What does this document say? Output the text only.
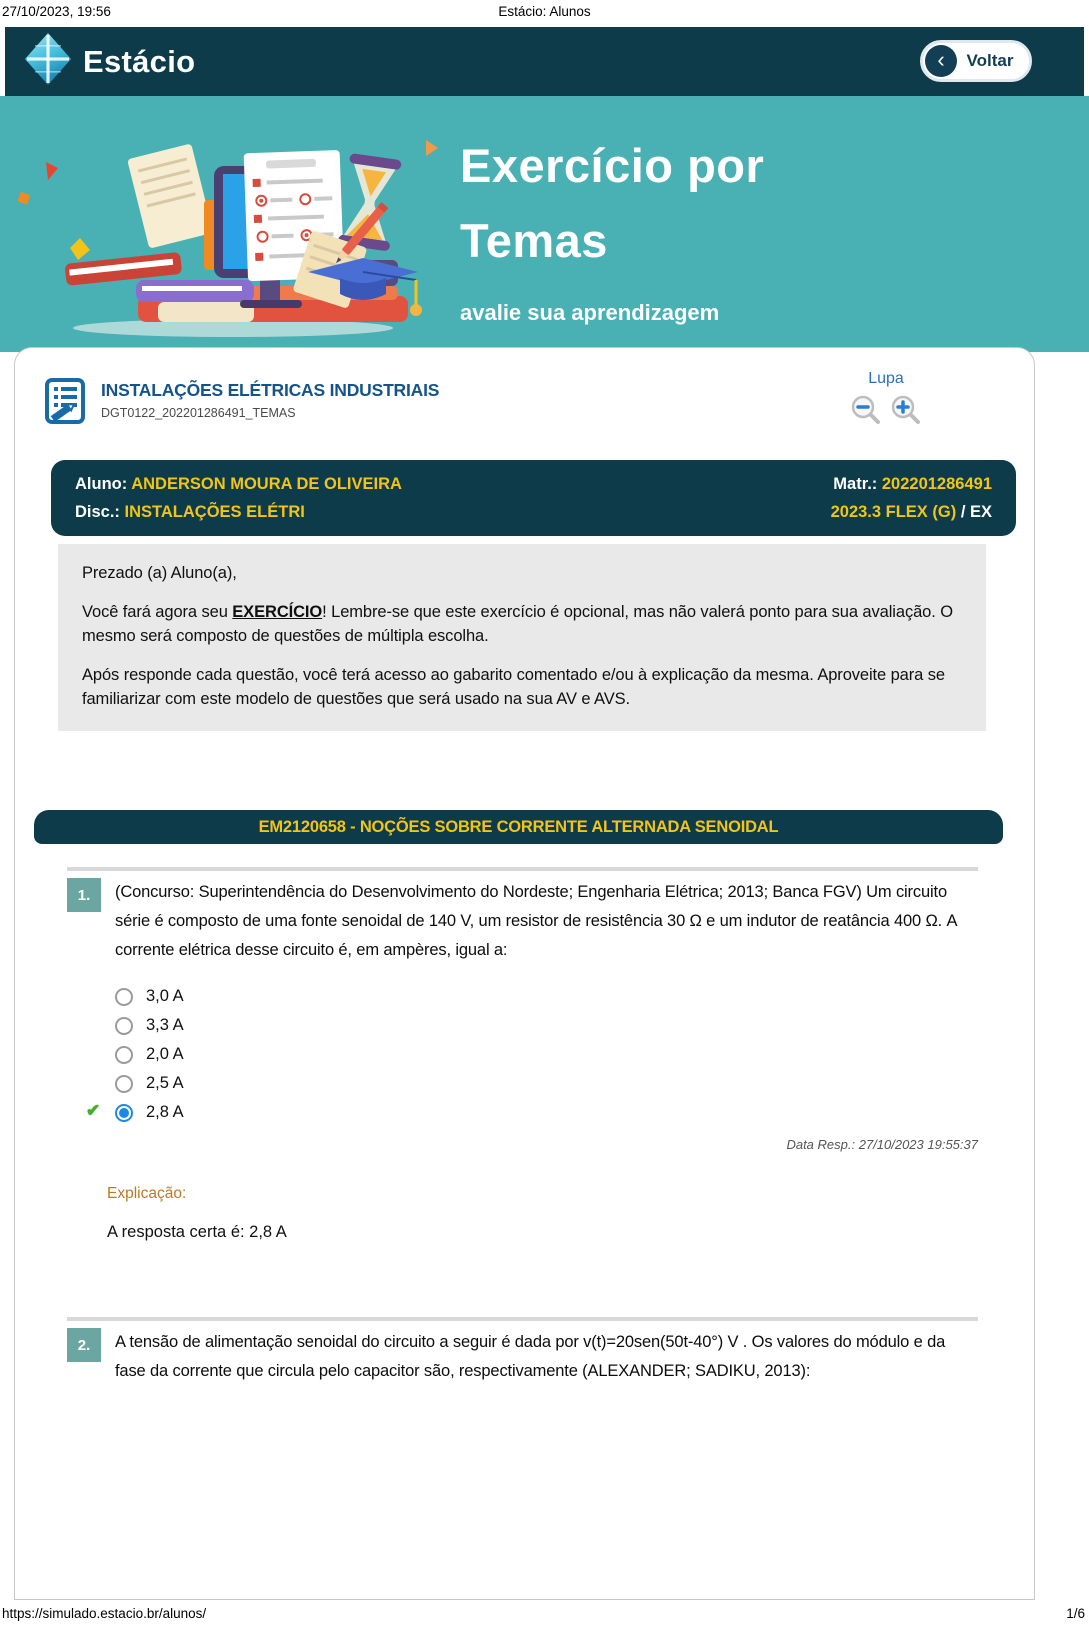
27/10/2023, 19:56	Estácio: Alunos
Estácio	‹	Voltar
Exercício por
Temas
avalie sua aprendizagem
INSTALAÇÕES ELÉTRICAS INDUSTRIAIS
DGT0122_202201286491_TEMAS
Lupa
Aluno: ANDERSON MOURA DE OLIVEIRA	Matr.: 202201286491
Disc.: INSTALAÇÕES ELÉTRI	2023.3 FLEX (G) / EX

Prezado (a) Aluno(a),

Você fará agora seu EXERCÍCIO! Lembre-se que este exercício é opcional, mas não valerá ponto para sua avaliação. O mesmo será composto de questões de múltipla escolha.

Após responde cada questão, você terá acesso ao gabarito comentado e/ou à explicação da mesma. Aproveite para se familiarizar com este modelo de questões que será usado na sua AV e AVS.

EM2120658 - NOÇÕES SOBRE CORRENTE ALTERNADA SENOIDAL
1.	(Concurso: Superintendência do Desenvolvimento do Nordeste; Engenharia Elétrica; 2013; Banca FGV) Um circuito série é composto de uma fonte senoidal de 140 V, um resistor de resistência 30 Ω e um indutor de reatância 400 Ω. A corrente elétrica desse circuito é, em ampères, igual a:
3,0 A
3,3 A
2,0 A
2,5 A
✔	2,8 A
Data Resp.: 27/10/2023 19:55:37
Explicação:
A resposta certa é: 2,8 A
2.	A tensão de alimentação senoidal do circuito a seguir é dada por v(t)=20sen(50t-40°) V . Os valores do módulo e da fase da corrente que circula pelo capacitor são, respectivamente (ALEXANDER; SADIKU, 2013):
https://simulado.estacio.br/alunos/	1/6
